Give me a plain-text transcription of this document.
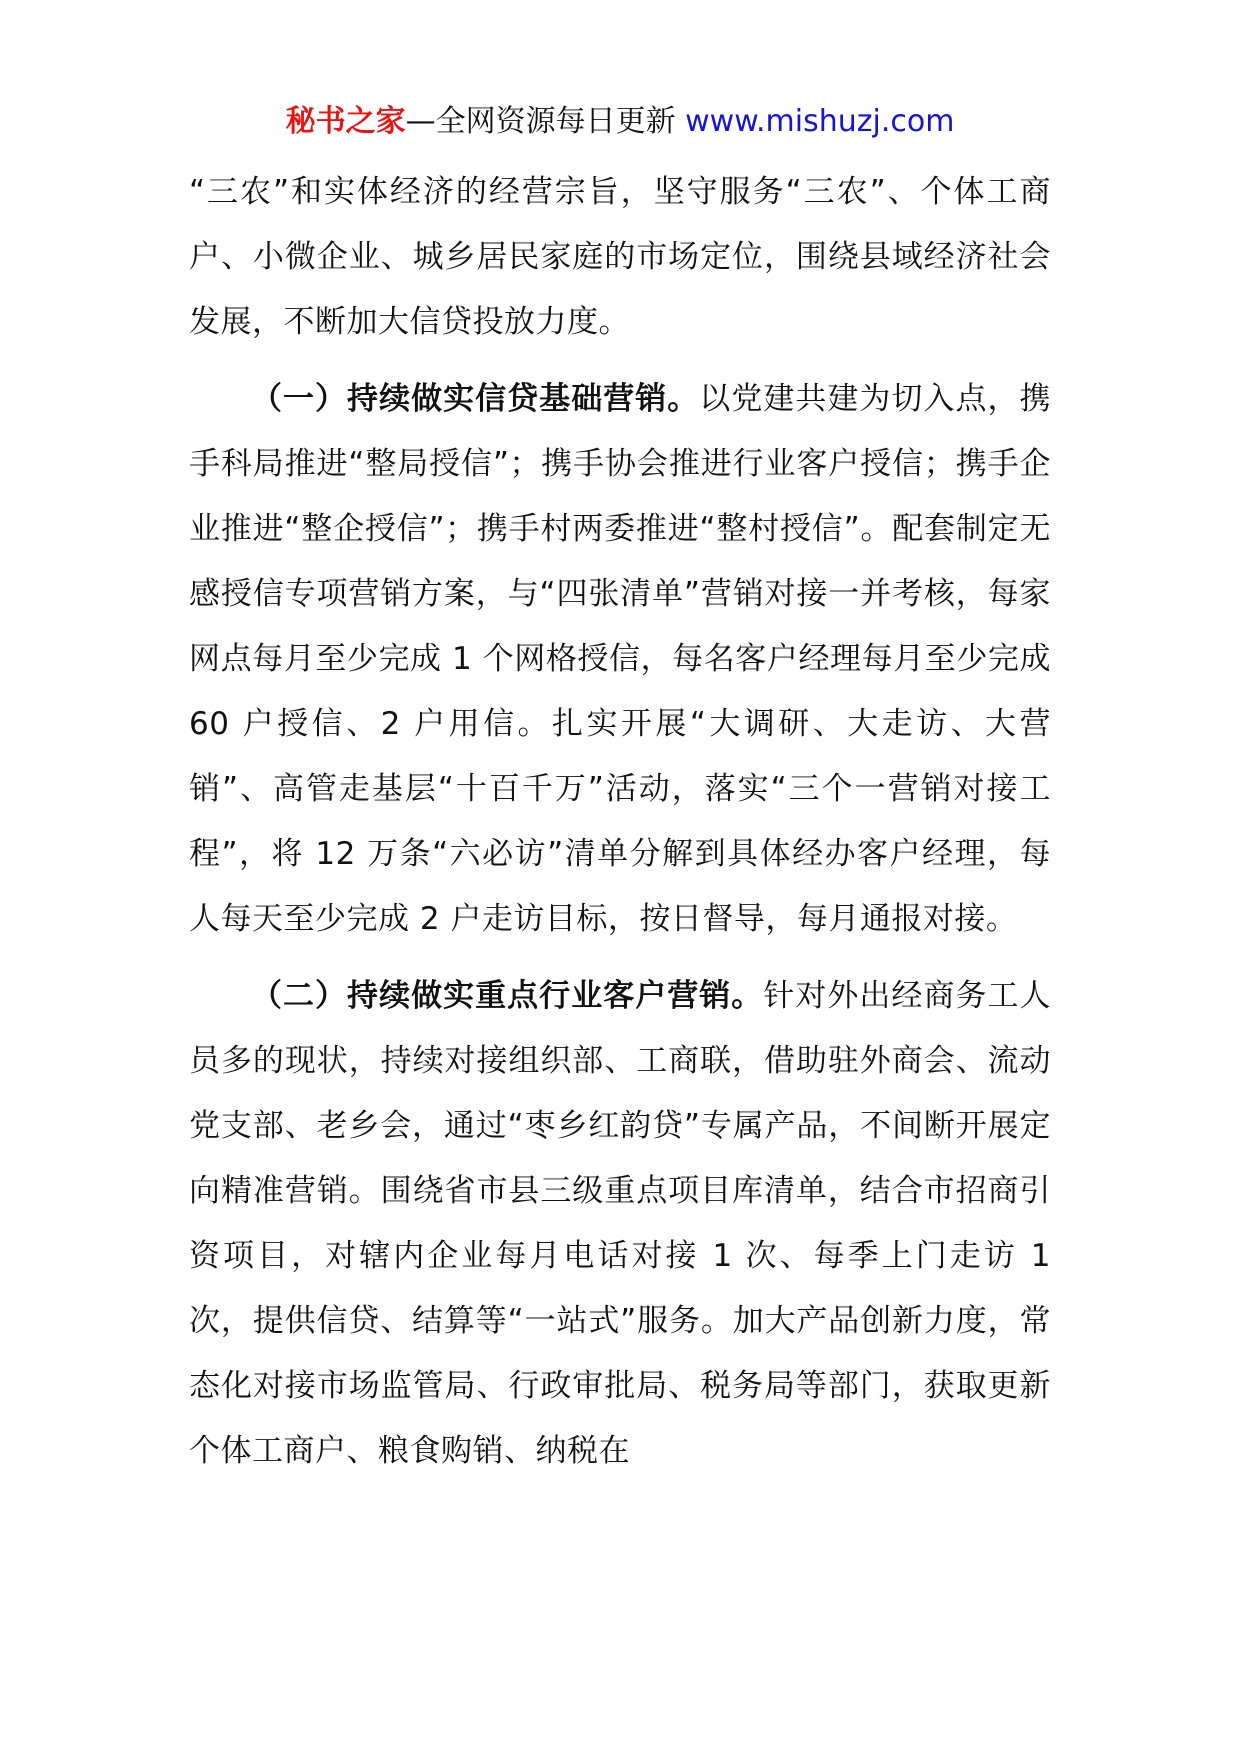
秘书之家—全网资源每日更新 www.mishuzj.com

“三农”和实体经济的经营宗旨，坚守服务“三农”、个体工商户、小微企业、城乡居民家庭的市场定位，围绕县域经济社会发展，不断加大信贷投放力度。

（一）持续做实信贷基础营销。以党建共建为切入点，携手科局推进“整局授信”；携手协会推进行业客户授信；携手企业推进“整企授信”；携手村两委推进“整村授信”。配套制定无感授信专项营销方案，与“四张清单”营销对接一并考核，每家网点每月至少完成 1 个网格授信，每名客户经理每月至少完成 60 户授信、2 户用信。扎实开展“大调研、大走访、大营销”、高管走基层“十百千万”活动，落实“三个一营销对接工程”，将 12 万条“六必访”清单分解到具体经办客户经理，每人每天至少完成 2 户走访目标，按日督导，每月通报对接。

（二）持续做实重点行业客户营销。针对外出经商务工人员多的现状，持续对接组织部、工商联，借助驻外商会、流动党支部、老乡会，通过“枣乡红韵贷”专属产品，不间断开展定向精准营销。围绕省市县三级重点项目库清单，结合市招商引资项目，对辖内企业每月电话对接 1 次、每季上门走访 1 次，提供信贷、结算等“一站式”服务。加大产品创新力度，常态化对接市场监管局、行政审批局、税务局等部门，获取更新个体工商户、粮食购销、纳税在
